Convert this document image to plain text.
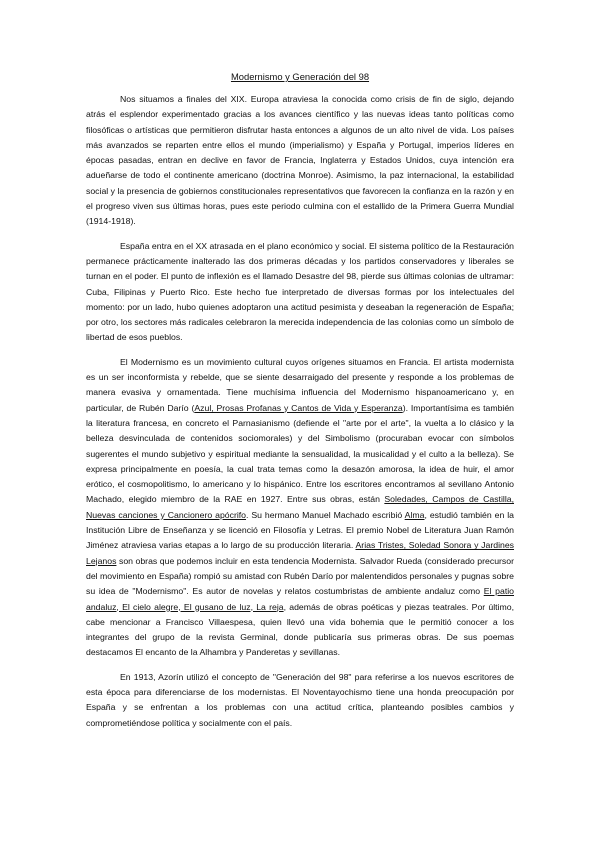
Modernismo y Generación del 98

Nos situamos a finales del XIX. Europa atraviesa la conocida como crisis de fin de siglo, dejando atrás el esplendor experimentado gracias a los avances científico y las nuevas ideas tanto políticas como filosóficas o artísticas que permitieron disfrutar hasta entonces a algunos de un alto nivel de vida. Los países más avanzados se reparten entre ellos el mundo (imperialismo) y España y Portugal, imperios líderes en épocas pasadas, entran en declive en favor de Francia, Inglaterra y Estados Unidos, cuya intención era adueñarse de todo el continente americano (doctrina Monroe). Asimismo, la paz internacional, la estabilidad social y la presencia de gobiernos constitucionales representativos que favorecen la confianza en la razón y en el progreso viven sus últimas horas, pues este periodo culmina con el estallido de la Primera Guerra Mundial (1914-1918).

España entra en el XX atrasada en el plano económico y social. El sistema político de la Restauración permanece prácticamente inalterado las dos primeras décadas y los partidos conservadores y liberales se turnan en el poder. El punto de inflexión es el llamado Desastre del 98, pierde sus últimas colonias de ultramar: Cuba, Filipinas y Puerto Rico. Este hecho fue interpretado de diversas formas por los intelectuales del momento: por un lado, hubo quienes adoptaron una actitud pesimista y deseaban la regeneración de España; por otro, los sectores más radicales celebraron la merecida independencia de las colonias como un símbolo de libertad de esos pueblos.

El Modernismo es un movimiento cultural cuyos orígenes situamos en Francia. El artista modernista es un ser inconformista y rebelde, que se siente desarraigado del presente y responde a los problemas de manera evasiva y ornamentada. Tiene muchísima influencia del Modernismo hispanoamericano y, en particular, de Rubén Darío (Azul, Prosas Profanas y Cantos de Vida y Esperanza). Importantísima es también la literatura francesa, en concreto el Parnasianismo (defiende el "arte por el arte", la vuelta a lo clásico y la belleza desvinculada de contenidos sociomorales) y del Simbolismo (procuraban evocar con símbolos sugerentes el mundo subjetivo y espiritual mediante la sensualidad, la musicalidad y el culto a la belleza). Se expresa principalmente en poesía, la cual trata temas como la desazón amorosa, la idea de huir, el amor erótico, el cosmopolitismo, lo americano y lo hispánico. Entre los escritores encontramos al sevillano Antonio Machado, elegido miembro de la RAE en 1927. Entre sus obras, están Soledades, Campos de Castilla, Nuevas canciones y Cancionero apócrifo. Su hermano Manuel Machado escribió Alma, estudió también en la Institución Libre de Enseñanza y se licenció en Filosofía y Letras. El premio Nobel de Literatura Juan Ramón Jiménez atraviesa varias etapas a lo largo de su producción literaria. Arias Tristes, Soledad Sonora y Jardines Lejanos son obras que podemos incluir en esta tendencia Modernista. Salvador Rueda (considerado precursor del movimiento en España) rompió su amistad con Rubén Darío por malentendidos personales y pugnas sobre su idea de "Modernismo". Es autor de novelas y relatos costumbristas de ambiente andaluz como El patio andaluz, El cielo alegre, El gusano de luz, La reja, además de obras poéticas y piezas teatrales. Por último, cabe mencionar a Francisco Villaespesa, quien llevó una vida bohemia que le permitió conocer a los integrantes del grupo de la revista Germinal, donde publicaría sus primeras obras. De sus poemas destacamos El encanto de la Alhambra y Panderetas y sevillanas.

En 1913, Azorín utilizó el concepto de "Generación del 98" para referirse a los nuevos escritores de esta época para diferenciarse de los modernistas. El Noventayochismo tiene una honda preocupación por España y se enfrentan a los problemas con una actitud crítica, planteando posibles cambios y comprometiéndose política y socialmente con el país.
